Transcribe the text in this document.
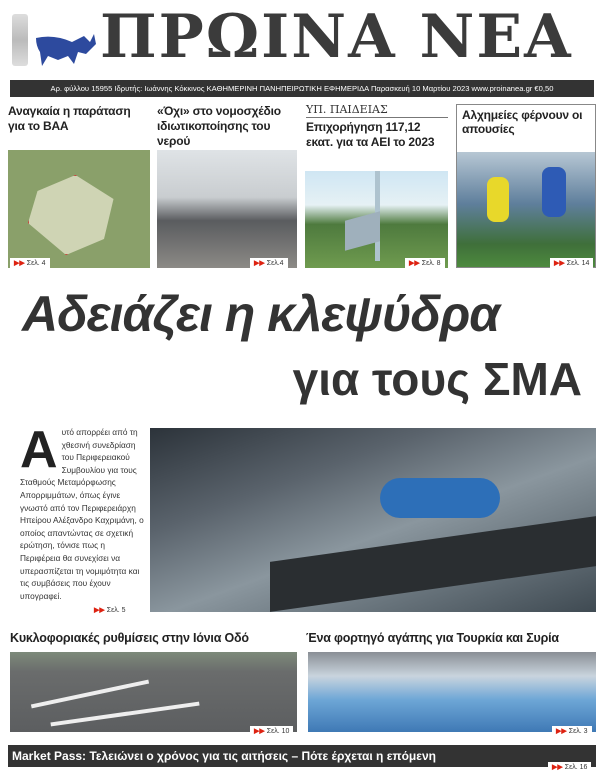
ΠΡΩΙΝΑ ΝΕΑ
Αρ. φύλλου 15955 Ιδρυτής: Ιωάννης Κόκκινος ΚΑΘΗΜΕΡΙΝΗ ΠΑΝΗΠΕΙΡΩΤΙΚΗ ΕΦΗΜΕΡΙΔΑ Παρασκευή 10 Μαρτίου 2023 www.proinanea.gr €0,50
Αναγκαία η παράταση για το ΒΑΑ
▶▶ Σελ. 4
«Όχι» στο νομοσχέδιο ιδιωτικοποίησης του νερού
▶▶ Σελ.4
ΥΠ. ΠΑΙΔΕΙΑΣ
Επιχορήγηση 117,12 εκατ. για τα ΑΕΙ το 2023
▶▶ Σελ. 8
Αλχημείες φέρνουν οι απουσίες
▶▶ Σελ. 14
Αδειάζει η κλεψύδρα
για τους ΣΜΑ
Αυτό απορρέει από τη χθεσινή συνεδρίαση του Περιφερειακού Συμβουλίου για τους Σταθμούς Μεταμόρφωσης Απορριμμάτων, όπως έγινε γνωστό από τον Περιφερειάρχη Ηπείρου Αλέξανδρο Καχριμάνη, ο οποίος απαντώντας σε σχετική ερώτηση, τόνισε πως η Περιφέρεια θα συνεχίσει να υπερασπίζεται τη νομιμότητα και τις συμβάσεις που έχουν υπογραφεί.
▶▶ Σελ. 5
Κυκλοφοριακές ρυθμίσεις στην Ιόνια Οδό
▶▶ Σελ. 10
Ένα φορτηγό αγάπης για Τουρκία και Συρία
▶▶ Σελ. 3
Market Pass: Τελειώνει ο χρόνος για τις αιτήσεις – Πότε έρχεται η επόμενη
▶▶ Σελ. 16
